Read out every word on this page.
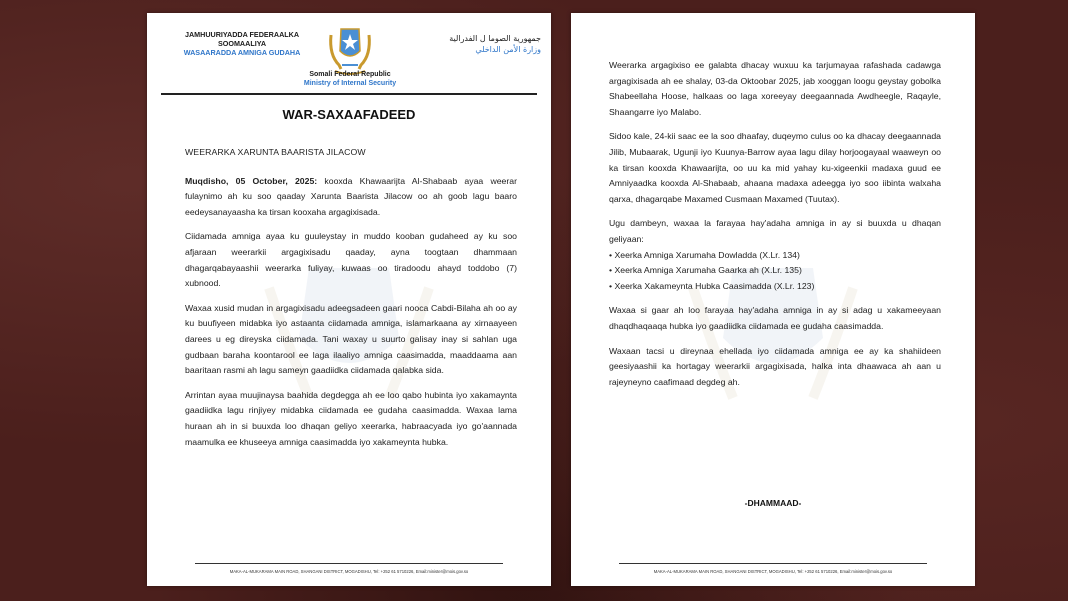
JAMHUURIYADDA FEDERAALKA
SOOMAALIYA
WASAARADDA AMNIGA GUDAHA
Somali Federal Republic
Ministry of Internal Security
جمهورية الصوما ل الفدرالية
وزارة الأمن الداخلي
WAR-SAXAAFADEED

WEERARKA XARUNTA BAARISTA JILACOW

Muqdisho, 05 October, 2025: kooxda Khawaarijta Al-Shabaab ayaa weerar fulaynimo ah ku soo qaaday Xarunta Baarista Jilacow oo ah goob lagu baaro eedeysanayaasha ka tirsan kooxaha argagixisada.

Ciidamada amniga ayaa ku guuleystay in muddo kooban gudaheed ay ku soo afjaraan weerarkii argagixisadu qaaday, ayna toogtaan dhammaan dhagarqabayaashii weerarka fuliyay, kuwaas oo tiradoodu ahayd toddobo (7) xubnood.

Waxaa xusid mudan in argagixisadu adeegsadeen gaari nooca Cabdi-Bilaha ah oo ay ku buufiyeen midabka iyo astaanta ciidamada amniga, islamarkaana ay xirnaayeen darees u eg direyska ciidamada. Tani waxay u suurto galisay inay si sahlan uga gudbaan baraha koontarool ee laga ilaaliyo amniga caasimadda, maaddaama aan baaritaan rasmi ah lagu sameyn gaadiidka ciidamada qalabka sida.

Arrintan ayaa muujinaysa baahida degdegga ah ee loo qabo hubinta iyo xakamaynta gaadiidka lagu rinjiyey midabka ciidamada ee gudaha caasimadda. Waxaa lama huraan ah in si buuxda loo dhaqan geliyo xeerarka, habraacyada iyo go'aannada maamulka ee khuseeya amniga caasimadda iyo xakameynta hubka.

MAKA-AL-MUKARAMA MAIN ROAD, SHANGANI DISTRICT, MOGADISHU, Tel: +252 61 5710226, Email:minister@mois.gov.so

Weerarka argagixiso ee galabta dhacay wuxuu ka tarjumayaa rafashada cadawga argagixisada ah ee shalay, 03-da Oktoobar 2025, jab xooggan loogu geystay gobolka Shabeellaha Hoose, halkaas oo laga xoreeyay deegaannada Awdheegle, Raqayle, Shaangarre iyo Malabo.

Sidoo kale, 24-kii saac ee la soo dhaafay, duqeymo culus oo ka dhacay deegaannada Jilib, Mubaarak, Ugunji iyo Kuunya-Barrow ayaa lagu dilay horjoogayaal waaweyn oo ka tirsan kooxda Khawaarijta, oo uu ka mid yahay ku-xigeenkii madaxa guud ee Amniyaadka kooxda Al-Shabaab, ahaana madaxa adeegga iyo soo iibinta walxaha qarxa, dhagarqabe Maxamed Cusmaan Maxamed (Tuutax).

Ugu dambeyn, waxaa la farayaa hay'adaha amniga in ay si buuxda u dhaqan geliyaan:

• Xeerka Amniga Xarumaha Dowladda (X.Lr. 134)
• Xeerka Amniga Xarumaha Gaarka ah (X.Lr. 135)
• Xeerka Xakameynta Hubka Caasimadda (X.Lr. 123)

Waxaa si gaar ah loo farayaa hay'adaha amniga in ay si adag u xakameeyaan dhaqdhaqaaqa hubka iyo gaadiidka ciidamada ee gudaha caasimadda.

Waxaan tacsi u direynaa ehellada iyo ciidamada amniga ee ay ka shahiideen geesiyaashii ka hortagay weerarkii argagixisada, halka inta dhaawaca ah aan u rajeyneyno caafimaad degdeg ah.

-DHAMMAAD-
MAKA-AL-MUKARAMA MAIN ROAD, SHANGANI DISTRICT, MOGADISHU, Tel: +252 61 5710226, Email:minister@mois.gov.so
